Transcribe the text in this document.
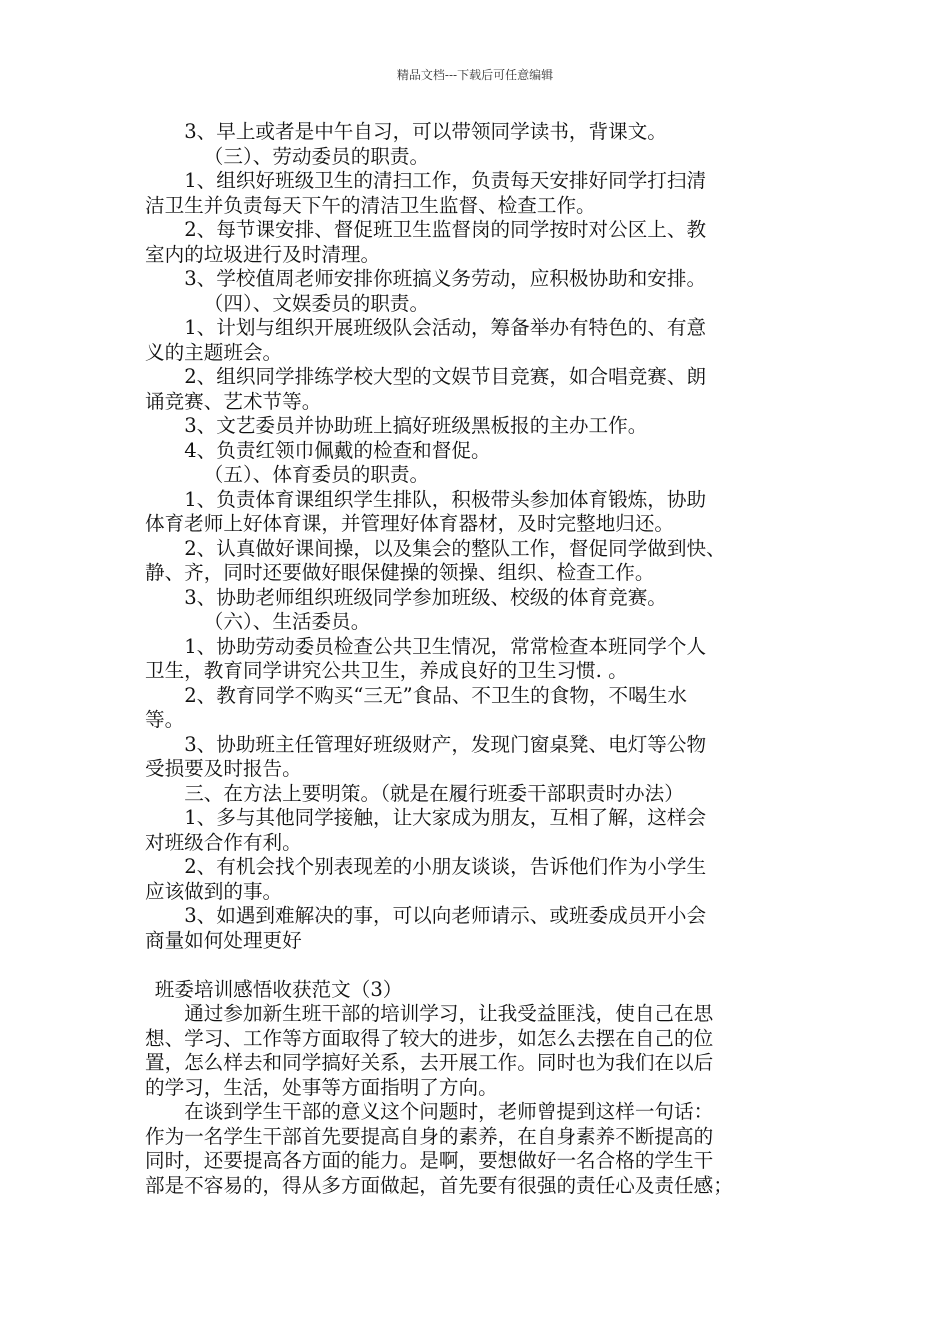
精品文档---下载后可任意编辑

3、早上或者是中午自习，可以带领同学读书，背课文。

（三）、劳动委员的职责。

1、组织好班级卫生的清扫工作，负责每天安排好同学打扫清

洁卫生并负责每天下午的清洁卫生监督、检查工作。

2、每节课安排、督促班卫生监督岗的同学按时对公区上、教

室内的垃圾进行及时清理。

3、学校值周老师安排你班搞义务劳动，应积极协助和安排。

（四）、文娱委员的职责。

1、计划与组织开展班级队会活动，筹备举办有特色的、有意

义的主题班会。

2、组织同学排练学校大型的文娱节目竞赛，如合唱竞赛、朗

诵竞赛、艺术节等。

3、文艺委员并协助班上搞好班级黑板报的主办工作。

4、负责红领巾佩戴的检查和督促。

（五）、体育委员的职责。

1、负责体育课组织学生排队，积极带头参加体育锻炼，协助

体育老师上好体育课，并管理好体育器材，及时完整地归还。

2、认真做好课间操，以及集会的整队工作，督促同学做到快、

静、齐，同时还要做好眼保健操的领操、组织、检查工作。

3、协助老师组织班级同学参加班级、校级的体育竞赛。

（六）、生活委员。

1、协助劳动委员检查公共卫生情况，常常检查本班同学个人

卫生，教育同学讲究公共卫生，养成良好的卫生习惯. 。

2、教育同学不购买“三无”食品、不卫生的食物，不喝生水

等。

3、协助班主任管理好班级财产，发现门窗桌凳、电灯等公物

受损要及时报告。

三、在方法上要明策。（就是在履行班委干部职责时办法）

1、多与其他同学接触，让大家成为朋友，互相了解，这样会

对班级合作有利。

2、有机会找个别表现差的小朋友谈谈，告诉他们作为小学生

应该做到的事。

3、如遇到难解决的事，可以向老师请示、或班委成员开小会

商量如何处理更好

班委培训感悟收获范文（3）

通过参加新生班干部的培训学习，让我受益匪浅，使自己在思

想、学习、工作等方面取得了较大的进步，如怎么去摆在自己的位

置，怎么样去和同学搞好关系，去开展工作。同时也为我们在以后

的学习，生活，处事等方面指明了方向。

在谈到学生干部的意义这个问题时，老师曾提到这样一句话：

作为一名学生干部首先要提高自身的素养，在自身素养不断提高的

同时，还要提高各方面的能力。是啊，要想做好一名合格的学生干

部是不容易的，得从多方面做起，首先要有很强的责任心及责任感；
